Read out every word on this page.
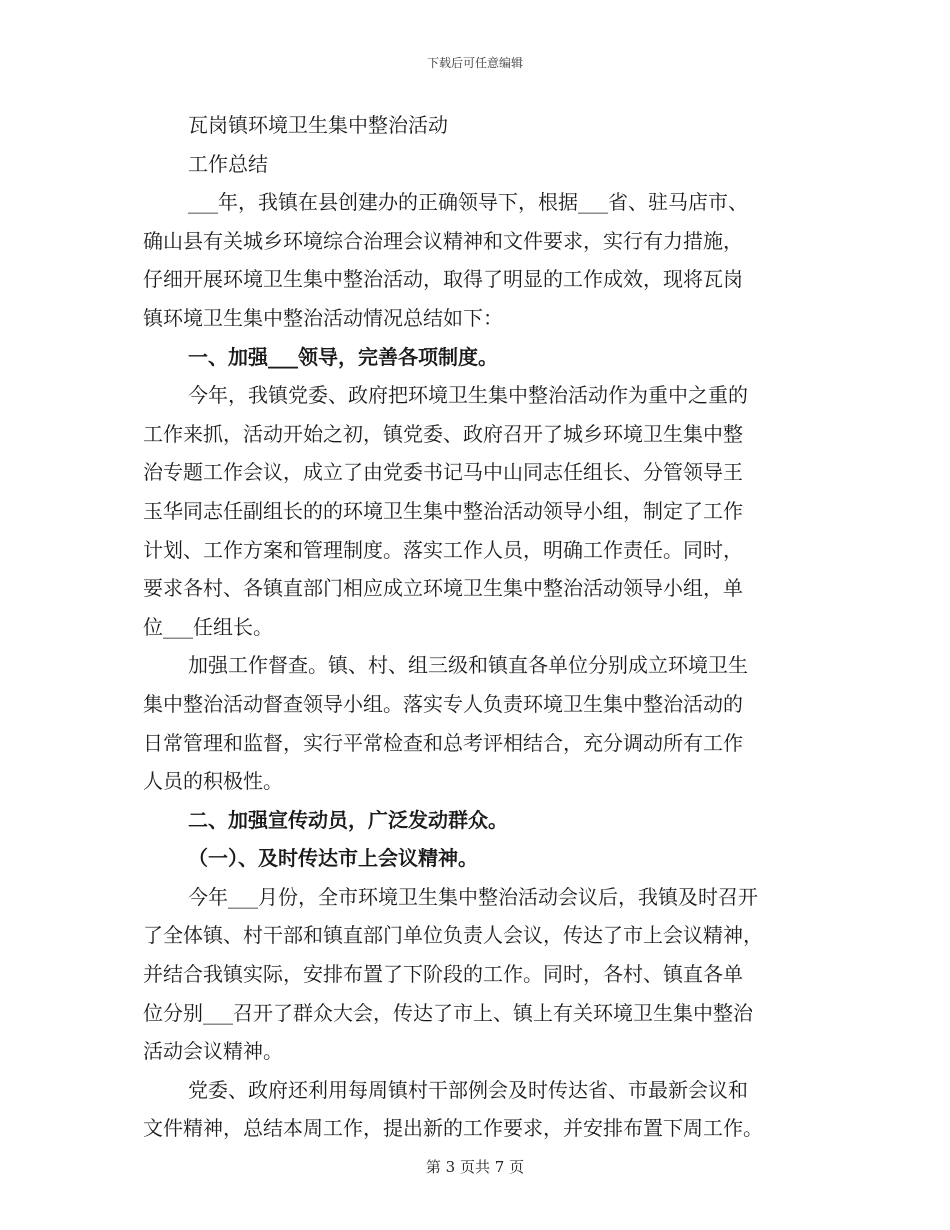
下载后可任意编辑
瓦岗镇环境卫生集中整治活动
工作总结
___年，我镇在县创建办的正确领导下，根据___省、驻马店市、
确山县有关城乡环境综合治理会议精神和文件要求，实行有力措施，
仔细开展环境卫生集中整治活动，取得了明显的工作成效，现将瓦岗
镇环境卫生集中整治活动情况总结如下：
一、加强___领导，完善各项制度。
今年，我镇党委、政府把环境卫生集中整治活动作为重中之重的
工作来抓，活动开始之初，镇党委、政府召开了城乡环境卫生集中整
治专题工作会议，成立了由党委书记马中山同志任组长、分管领导王
玉华同志任副组长的的环境卫生集中整治活动领导小组，制定了工作
计划、工作方案和管理制度。落实工作人员，明确工作责任。同时，
要求各村、各镇直部门相应成立环境卫生集中整治活动领导小组，单
位___任组长。
加强工作督查。镇、村、组三级和镇直各单位分别成立环境卫生
集中整治活动督查领导小组。落实专人负责环境卫生集中整治活动的
日常管理和监督，实行平常检查和总考评相结合，充分调动所有工作
人员的积极性。
二、加强宣传动员，广泛发动群众。
（一）、及时传达市上会议精神。
今年___月份，全市环境卫生集中整治活动会议后，我镇及时召开
了全体镇、村干部和镇直部门单位负责人会议，传达了市上会议精神，
并结合我镇实际，安排布置了下阶段的工作。同时，各村、镇直各单
位分别___召开了群众大会，传达了市上、镇上有关环境卫生集中整治
活动会议精神。
党委、政府还利用每周镇村干部例会及时传达省、市最新会议和
文件精神，总结本周工作，提出新的工作要求，并安排布置下周工作。
第 3 页共 7 页
